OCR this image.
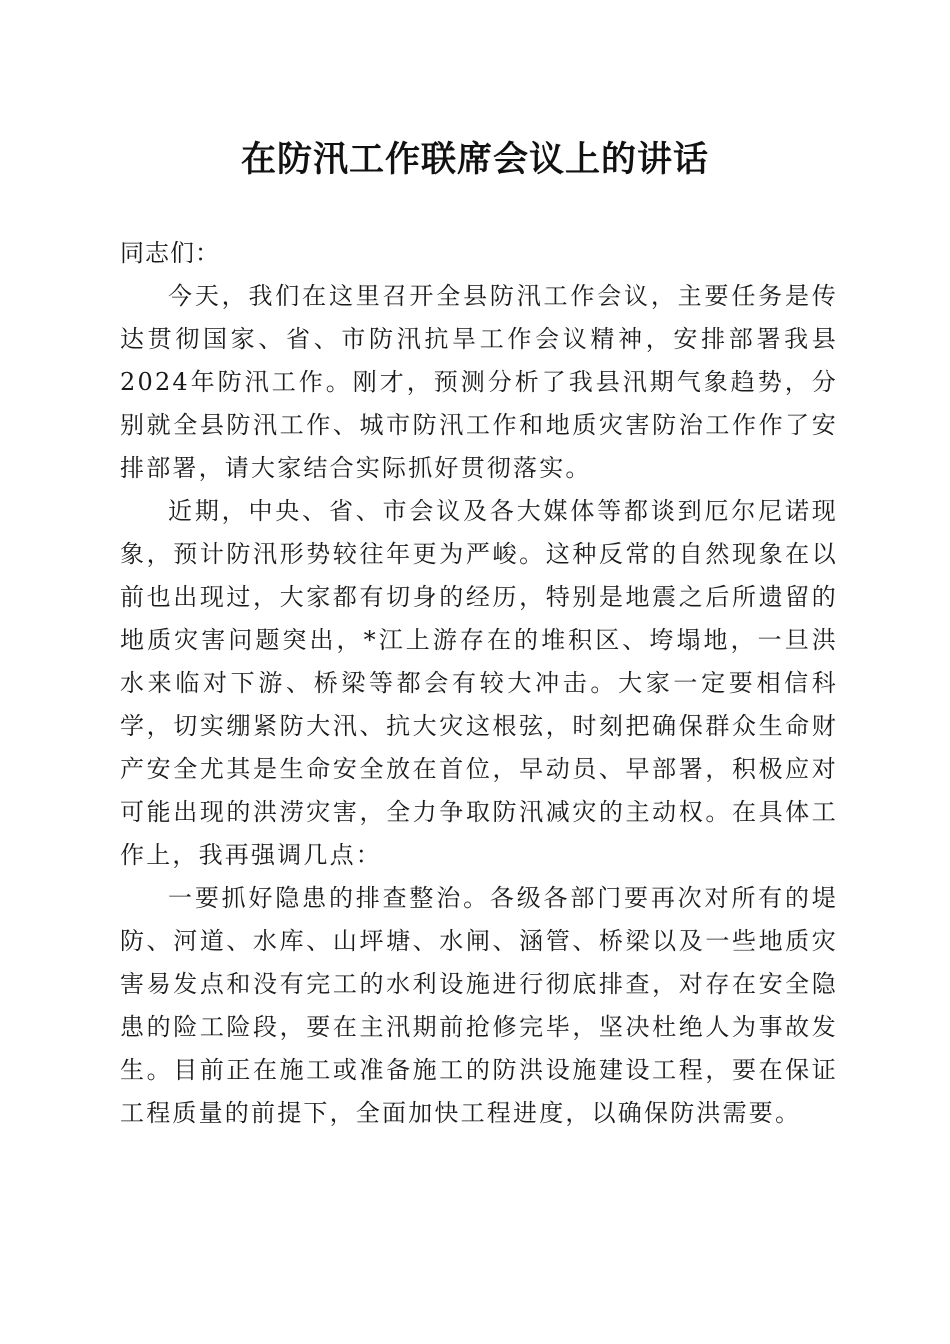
在防汛工作联席会议上的讲话

同志们：

今天，我们在这里召开全县防汛工作会议，主要任务是传达贯彻国家、省、市防汛抗旱工作会议精神，安排部署我县2024年防汛工作。刚才，预测分析了我县汛期气象趋势，分别就全县防汛工作、城市防汛工作和地质灾害防治工作作了安排部署，请大家结合实际抓好贯彻落实。

近期，中央、省、市会议及各大媒体等都谈到厄尔尼诺现象，预计防汛形势较往年更为严峻。这种反常的自然现象在以前也出现过，大家都有切身的经历，特别是地震之后所遗留的地质灾害问题突出，*江上游存在的堆积区、垮塌地，一旦洪水来临对下游、桥梁等都会有较大冲击。大家一定要相信科学，切实绷紧防大汛、抗大灾这根弦，时刻把确保群众生命财产安全尤其是生命安全放在首位，早动员、早部署，积极应对可能出现的洪涝灾害，全力争取防汛减灾的主动权。在具体工作上，我再强调几点：

一要抓好隐患的排查整治。各级各部门要再次对所有的堤防、河道、水库、山坪塘、水闸、涵管、桥梁以及一些地质灾害易发点和没有完工的水利设施进行彻底排查，对存在安全隐患的险工险段，要在主汛期前抢修完毕，坚决杜绝人为事故发生。目前正在施工或准备施工的防洪设施建设工程，要在保证工程质量的前提下，全面加快工程进度，以确保防洪需要。
